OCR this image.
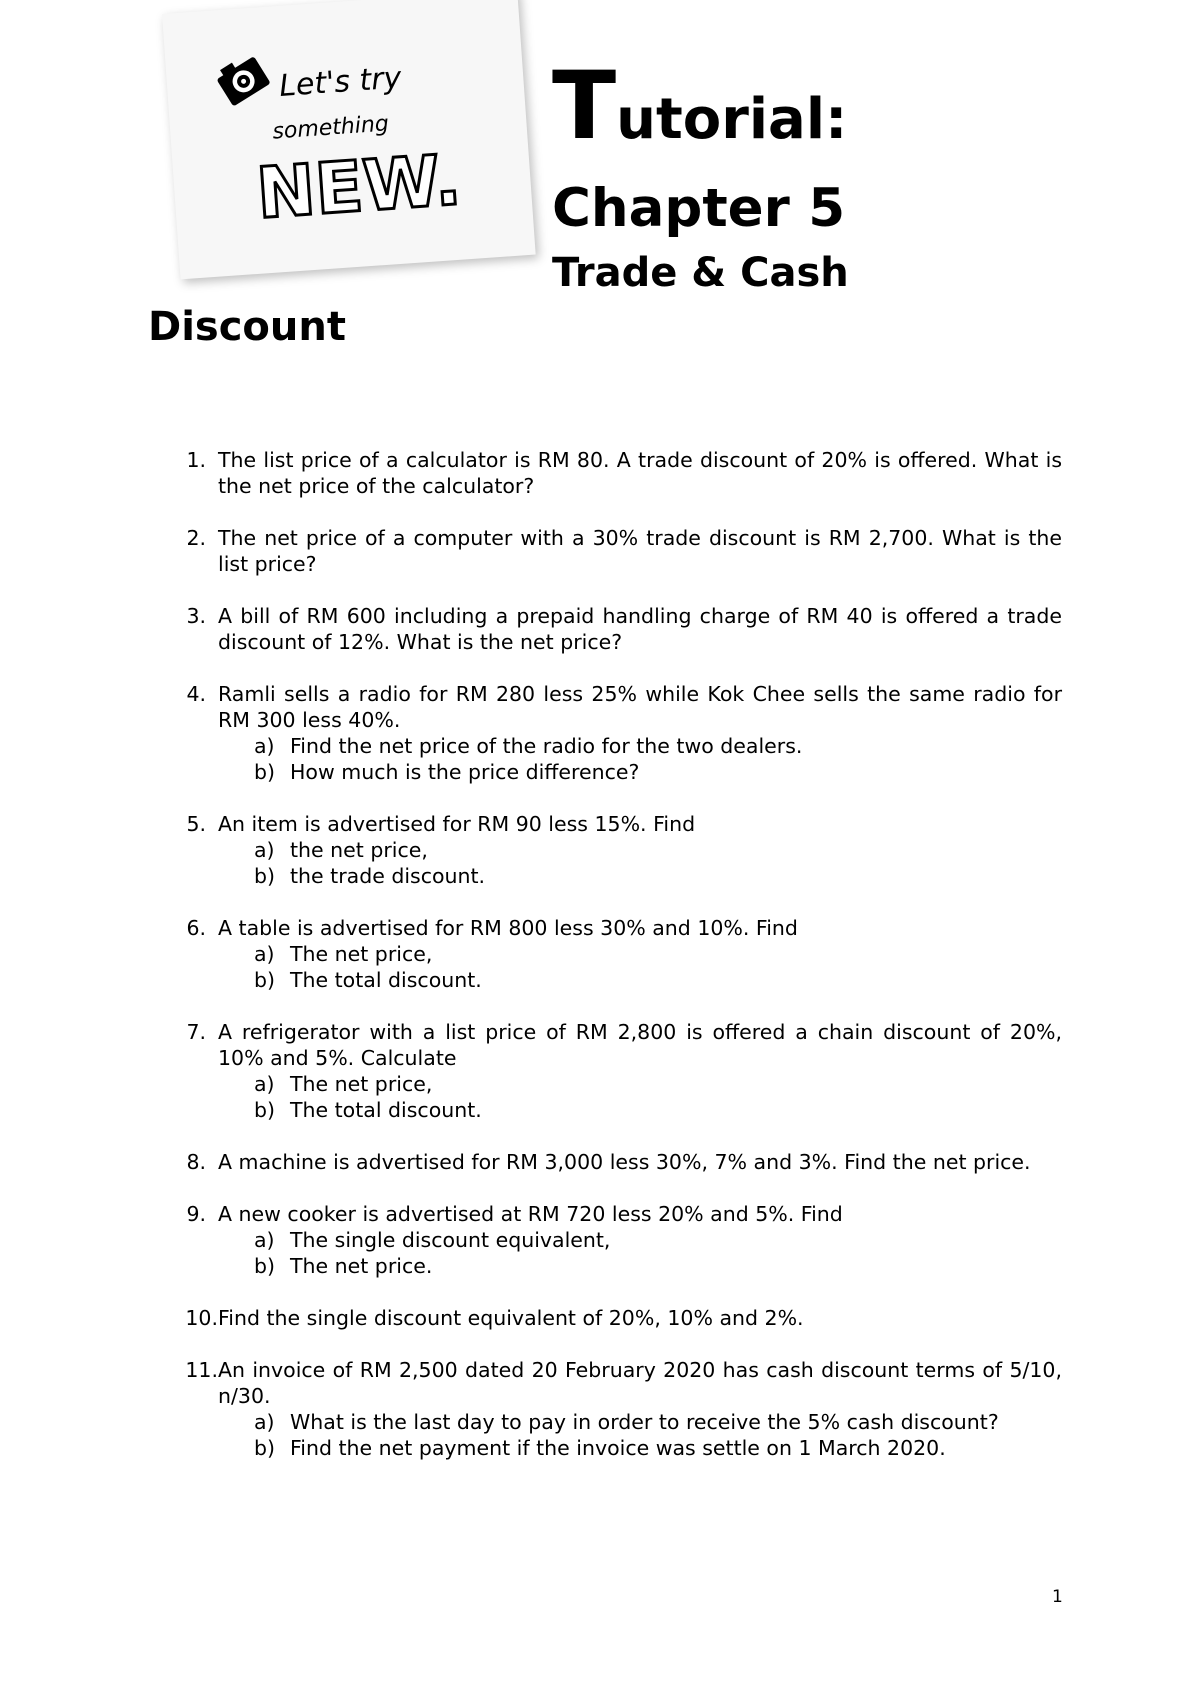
Let's try
something
NEW.
Tutorial:
Chapter 5
Trade & Cash
Discount
1. The list price of a calculator is RM 80. A trade discount of 20% is offered. What is the net price of the calculator?
2. The net price of a computer with a 30% trade discount is RM 2,700. What is the list price?
3. A bill of RM 600 including a prepaid handling charge of RM 40 is offered a trade discount of 12%. What is the net price?
4. Ramli sells a radio for RM 280 less 25% while Kok Chee sells the same radio for RM 300 less 40%.
a) Find the net price of the radio for the two dealers.
b) How much is the price difference?
5. An item is advertised for RM 90 less 15%. Find
a) the net price,
b) the trade discount.
6. A table is advertised for RM 800 less 30% and 10%. Find
a) The net price,
b) The total discount.
7. A refrigerator with a list price of RM 2,800 is offered a chain discount of 20%, 10% and 5%. Calculate
a) The net price,
b) The total discount.
8. A machine is advertised for RM 3,000 less 30%, 7% and 3%. Find the net price.
9. A new cooker is advertised at RM 720 less 20% and 5%. Find
a) The single discount equivalent,
b) The net price.
10. Find the single discount equivalent of 20%, 10% and 2%.
11. An invoice of RM 2,500 dated 20 February 2020 has cash discount terms of 5/10, n/30.
a) What is the last day to pay in order to receive the 5% cash discount?
b) Find the net payment if the invoice was settle on 1 March 2020.
1
